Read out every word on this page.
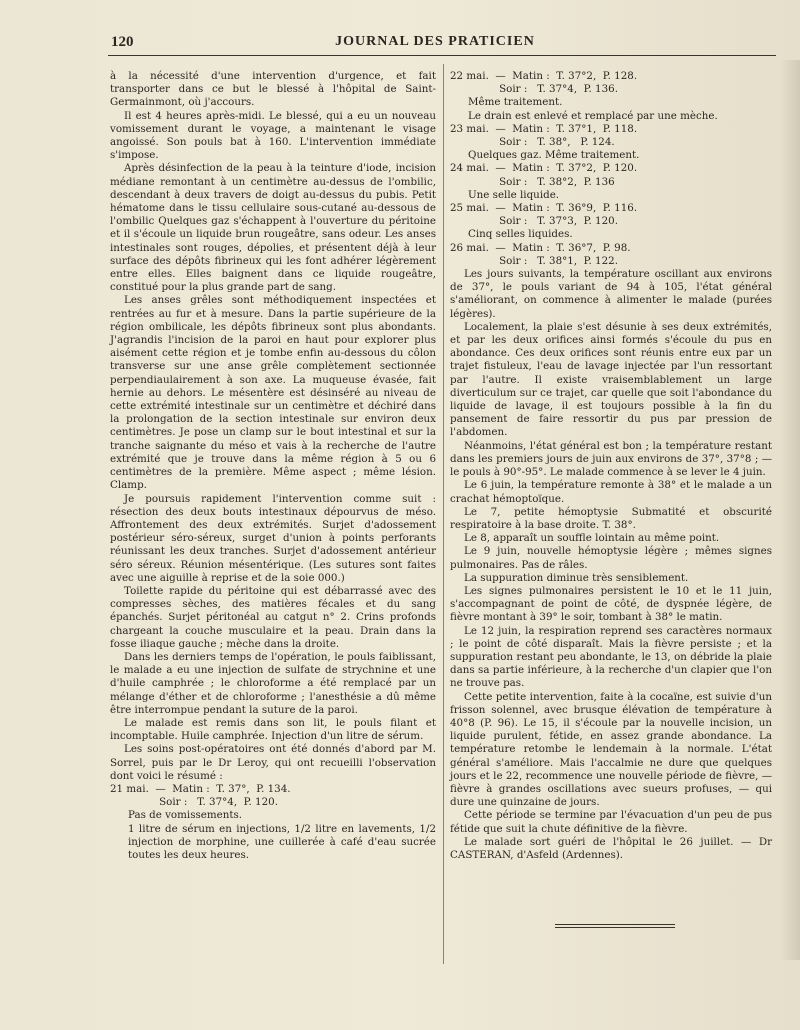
120	JOURNAL DES PRATICIEN

à la nécessité d'une intervention d'urgence, et fait transporter dans ce but le blessé à l'hôpital de Saint-Germainmont, où j'accours.

Il est 4 heures après-midi. Le blessé, qui a eu un nouveau vomissement durant le voyage, a maintenant le visage angoissé. Son pouls bat à 160. L'intervention immédiate s'impose.

Après désinfection de la peau à la teinture d'iode, incision médiane remontant à un centimètre au-dessus de l'ombilic, descendant à deux travers de doigt au-dessus du pubis. Petit hématome dans le tissu cellulaire sous-cutané au-dessous de l'ombilic Quelques gaz s'échappent à l'ouverture du péritoine et il s'écoule un liquide brun rougeâtre, sans odeur. Les anses intestinales sont rouges, dépolies, et présentent déjà à leur surface des dépôts fibrineux qui les font adhérer légèrement entre elles. Elles baignent dans ce liquide rougeâtre, constitué pour la plus grande part de sang.

Les anses grêles sont méthodiquement inspectées et rentrées au fur et à mesure. Dans la partie supérieure de la région ombilicale, les dépôts fibrineux sont plus abondants. J'agrandis l'incision de la paroi en haut pour explorer plus aisément cette région et je tombe enfin au-dessous du côlon transverse sur une anse grêle complètement sectionnée perpendiaulairement à son axe. La muqueuse évasée, fait hernie au dehors. Le mésentère est désinséré au niveau de cette extrémité intestinale sur un centimètre et déchiré dans la prolongation de la section intestinale sur environ deux centimètres. Je pose un clamp sur le bout intestinal et sur la tranche saignante du méso et vais à la recherche de l'autre extrémité que je trouve dans la même région à 5 ou 6 centimètres de la première. Même aspect ; même lésion. Clamp.

Je poursuis rapidement l'intervention comme suit : résection des deux bouts intestinaux dépourvus de méso. Affrontement des deux extrémités. Surjet d'adossement postérieur séro-séreux, surget d'union à points perforants réunissant les deux tranches. Surjet d'adossement antérieur séro séreux. Réunion mésentérique. (Les sutures sont faites avec une aiguille à reprise et de la soie 000.)

Toilette rapide du péritoine qui est débarrassé avec des compresses sèches, des matières fécales et du sang épanchés. Surjet péritonéal au catgut n° 2. Crins profonds chargeant la couche musculaire et la peau. Drain dans la fosse iliaque gauche ; mèche dans la droite.

Dans les derniers temps de l'opération, le pouls faiblissant, le malade a eu une injection de sulfate de strychnine et une d'huile camphrée ; le chloroforme a été remplacé par un mélange d'éther et de chloroforme ; l'anesthésie a dû même être interrompue pendant la suture de la paroi.

Le malade est remis dans son lit, le pouls filant et incomptable. Huile camphrée. Injection d'un litre de sérum.

Les soins post-opératoires ont été donnés d'abord par M. Sorrel, puis par le Dr Leroy, qui ont recueilli l'observation dont voici le résumé :

21 mai.  —  Matin :  T. 37°,  P. 134.

Soir :   T. 37°4,  P. 120.

Pas de vomissements.

1 litre de sérum en injections, 1/2 litre en lavements, 1/2 injection de morphine, une cuillerée à café d'eau sucrée toutes les deux heures.

22 mai.  —  Matin :  T. 37°2,  P. 128.

Soir :   T. 37°4,  P. 136.

Même traitement.

Le drain est enlevé et remplacé par une mèche.

23 mai.  —  Matin :  T. 37°1,  P. 118.

Soir :   T. 38°,   P. 124.

Quelques gaz. Même traitement.

24 mai.  —  Matin :  T. 37°2,  P. 120.

Soir :   T. 38°2,  P. 136

Une selle liquide.

25 mai.  —  Matin :  T. 36°9,  P. 116.

Soir :   T. 37°3,  P. 120.

Cinq selles liquides.

26 mai.  —  Matin :  T. 36°7,  P. 98.

Soir :   T. 38°1,  P. 122.

Les jours suivants, la température oscillant aux environs de 37°, le pouls variant de 94 à 105, l'état général s'améliorant, on commence à alimenter le malade (purées légères).

Localement, la plaie s'est désunie à ses deux extrémités, et par les deux orifices ainsi formés s'écoule du pus en abondance. Ces deux orifices sont réunis entre eux par un trajet fistuleux, l'eau de lavage injectée par l'un ressortant par l'autre. Il existe vraisemblablement un large diverticulum sur ce trajet, car quelle que soit l'abondance du liquide de lavage, il est toujours possible à la fin du pansement de faire ressortir du pus par pression de l'abdomen.

Néanmoins, l'état général est bon ; la température restant dans les premiers jours de juin aux environs de 37°, 37°8 ; — le pouls à 90°-95°. Le malade commence à se lever le 4 juin.

Le 6 juin, la température remonte à 38° et le malade a un crachat hémoptoïque.

Le 7, petite hémoptysie Submatité et obscurité respiratoire à la base droite. T. 38°.

Le 8, apparaît un souffle lointain au même point.

Le 9 juin, nouvelle hémoptysie légère ; mêmes signes pulmonaires. Pas de râles.

La suppuration diminue très sensiblement.

Les signes pulmonaires persistent le 10 et le 11 juin, s'accompagnant de point de côté, de dyspnée légère, de fièvre montant à 39° le soir, tombant à 38° le matin.

Le 12 juin, la respiration reprend ses caractères normaux ; le point de côté disparaît. Mais la fièvre persiste ; et la suppuration restant peu abondante, le 13, on débride la plaie dans sa partie inférieure, à la recherche d'un clapier que l'on ne trouve pas.

Cette petite intervention, faite à la cocaïne, est suivie d'un frisson solennel, avec brusque élévation de température à 40°8 (P. 96). Le 15, il s'écoule par la nouvelle incision, un liquide purulent, fétide, en assez grande abondance. La température retombe le lendemain à la normale. L'état général s'améliore. Mais l'accalmie ne dure que quelques jours et le 22, recommence une nouvelle période de fièvre, — fièvre à grandes oscillations avec sueurs profuses, — qui dure une quinzaine de jours.

Cette période se termine par l'évacuation d'un peu de pus fétide que suit la chute définitive de la fièvre.

Le malade sort guéri de l'hôpital le 26 juillet. — Dr CASTERAN, d'Asfeld (Ardennes).
